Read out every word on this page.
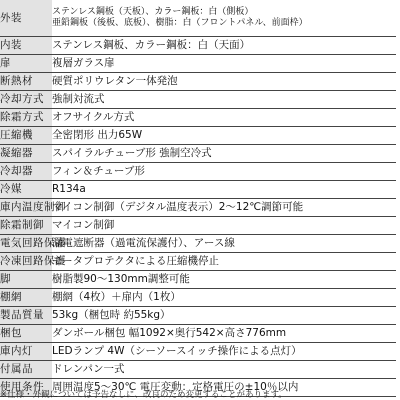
外装	ステンレス鋼板（天板）、カラー鋼板：白（側板）
亜鉛鋼板（後板、底板）、樹脂：白（フロントパネル、前面枠）

内装	ステンレス鋼板、カラー鋼板：白（天面）
扉	複層ガラス扉
断熱材	硬質ポリウレタン一体発泡
冷却方式	強制対流式
除霜方式	オフサイクル方式
圧縮機	全密閉形 出力65W
凝縮器	スパイラルチューブ形 強制空冷式
冷却器	フィン＆チューブ形
冷媒	R134a
庫内温度制御	マイコン制御（デジタル温度表示）2～12℃調節可能
除霜制御	マイコン制御
電気回路保護	漏電遮断器（過電流保護付）、アース線
冷凍回路保護	モータプロテクタによる圧縮機停止
脚	樹脂製90～130mm調整可能
棚網	棚網（4枚）＋扉内（1枚）
製品質量	53kg（梱包時 約55kg）
梱包	ダンボール梱包 幅1092×奥行542×高さ776mm
庫内灯	LEDランプ 4W（シーソースイッチ操作による点灯）
付属品	ドレンパン一式
使用条件	周囲温度5～30℃ 電圧変動：定格電圧の±10％以内
※仕様・外観については予告なしに、改良のため変更することがあります。
